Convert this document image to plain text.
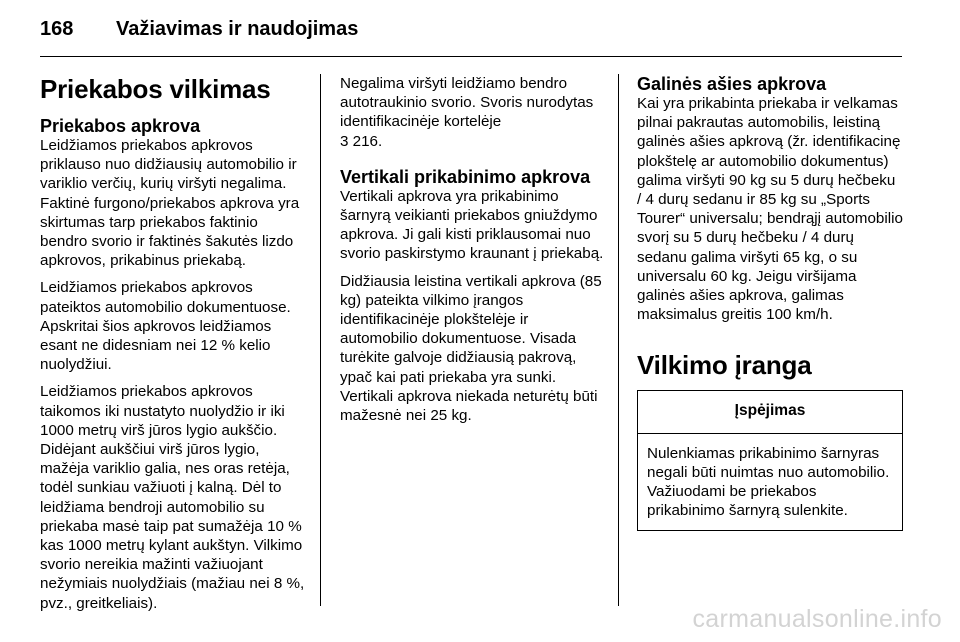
168 Važiavimas ir naudojimas
Priekabos vilkimas
Priekabos apkrova

Leidžiamos priekabos apkrovos priklauso nuo didžiausių automobilio ir variklio verčių, kurių viršyti negalima. Faktinė furgono/priekabos apkrova yra skirtumas tarp priekabos faktinio bendro svorio ir faktinės šakutės lizdo apkrovos, prikabinus priekabą.

Leidžiamos priekabos apkrovos pateiktos automobilio dokumentuose. Apskritai šios apkrovos leidžiamos esant ne didesniam nei 12 % kelio nuolydžiui.

Leidžiamos priekabos apkrovos taikomos iki nustatyto nuolydžio ir iki 1000 metrų virš jūros lygio aukščio. Didėjant aukščiui virš jūros lygio, mažėja variklio galia, nes oras retėja, todėl sunkiau važiuoti į kalną. Dėl to leidžiama bendroji automobilio su priekaba masė taip pat sumažėja 10 % kas 1000 metrų kylant aukštyn. Vilkimo svorio nereikia mažinti važiuojant nežymiais nuolydžiais (mažiau nei 8 %, pvz., greitkeliais).

Negalima viršyti leidžiamo bendro autotraukinio svorio. Svoris nurodytas identifikacinėje kortelėje
3 216.

Vertikali prikabinimo apkrova

Vertikali apkrova yra prikabinimo šarnyrą veikianti priekabos gniuždymo apkrova. Ji gali kisti priklausomai nuo svorio paskirstymo kraunant į priekabą.

Didžiausia leistina vertikali apkrova (85 kg) pateikta vilkimo įrangos identifikacinėje plokštelėje ir automobilio dokumentuose. Visada turėkite galvoje didžiausią pakrovą, ypač kai pati priekaba yra sunki. Vertikali apkrova niekada neturėtų būti mažesnė nei 25 kg.

Galinės ašies apkrova

Kai yra prikabinta priekaba ir velkamas pilnai pakrautas automobilis, leistiną galinės ašies apkrovą (žr. identifikacinę plokštelę ar automobilio dokumentus) galima viršyti 90 kg su 5 durų hečbeku / 4 durų sedanu ir 85 kg su „Sports Tourer“ universalu; bendrąjį automobilio svorį su 5 durų hečbeku / 4 durų sedanu galima viršyti 65 kg, o su universalu 60 kg. Jeigu viršijama galinės ašies apkrova, galimas maksimalus greitis 100 km/h.

Vilkimo įranga
Įspėjimas
Nulenkiamas prikabinimo šarnyras negali būti nuimtas nuo automobilio. Važiuodami be priekabos prikabinimo šarnyrą sulenkite.
carmanualsonline.info
